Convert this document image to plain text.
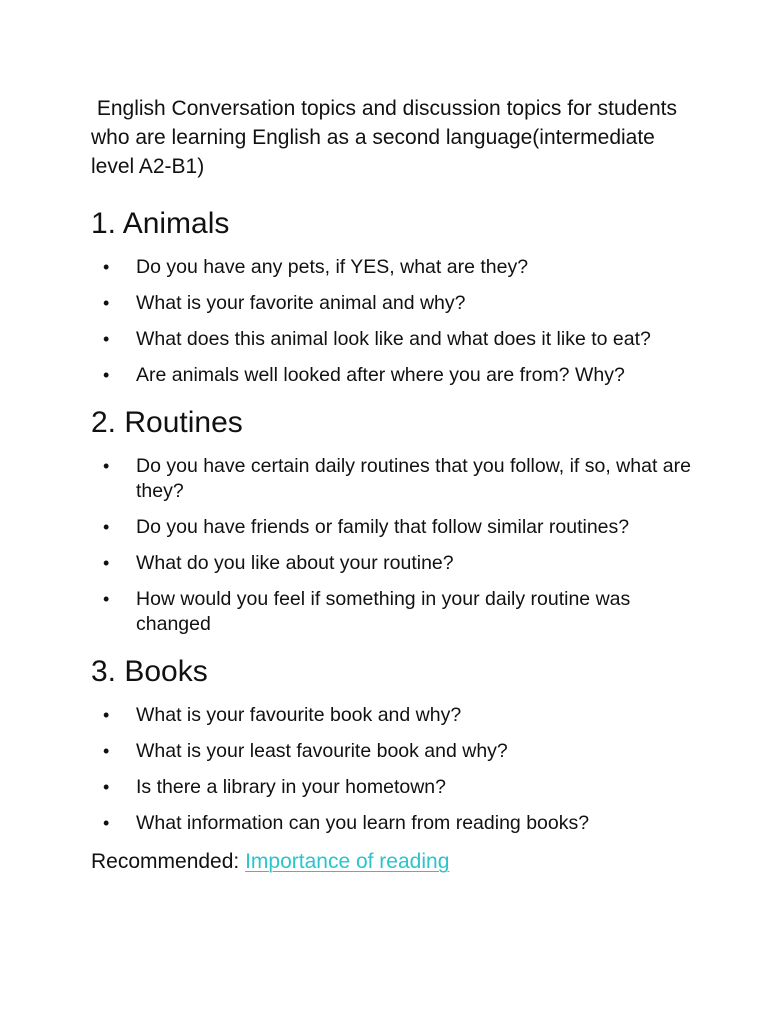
English Conversation topics and discussion topics for students who are learning English as a second language(intermediate level A2-B1)

1. Animals
• Do you have any pets, if YES, what are they?
• What is your favorite animal and why?
• What does this animal look like and what does it like to eat?
• Are animals well looked after where you are from? Why?
2. Routines
• Do you have certain daily routines that you follow, if so, what are they?
• Do you have friends or family that follow similar routines?
• What do you like about your routine?
• How would you feel if something in your daily routine was changed
3. Books
• What is your favourite book and why?
• What is your least favourite book and why?
• Is there a library in your hometown?
• What information can you learn from reading books?
Recommended: Importance of reading
